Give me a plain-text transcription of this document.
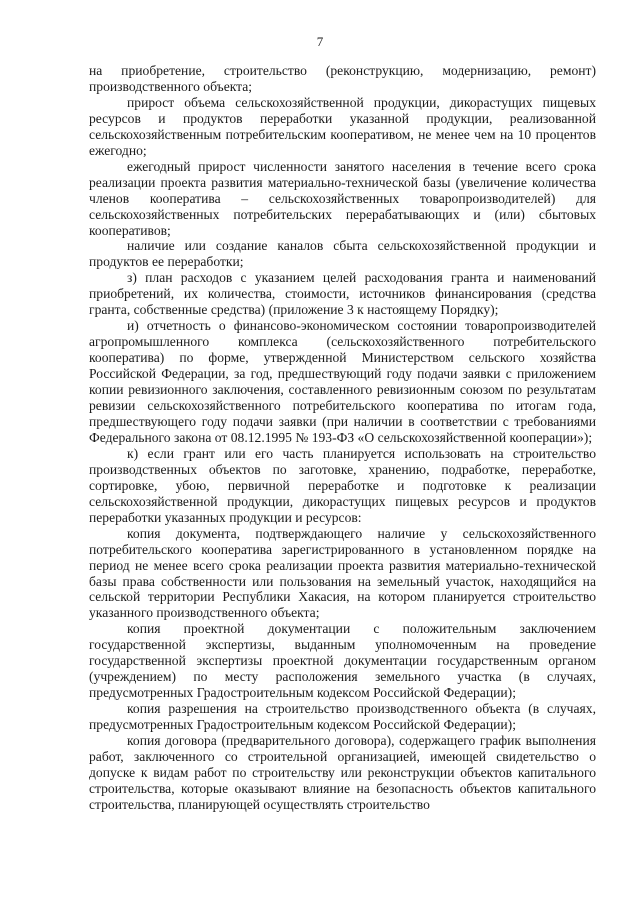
7

на приобретение, строительство (реконструкцию, модернизацию, ремонт) производственного объекта;

прирост объема сельскохозяйственной продукции, дикорастущих пищевых ресурсов и продуктов переработки указанной продукции, реализованной сельскохозяйственным потребительским кооперативом, не менее чем на 10 процентов ежегодно;

ежегодный прирост численности занятого населения в течение всего срока реализации проекта развития материально-технической базы (увеличение количества членов кооператива – сельскохозяйственных товаропроизводителей) для сельскохозяйственных потребительских перерабатывающих и (или) сбытовых кооперативов;

наличие или создание каналов сбыта сельскохозяйственной продукции и продуктов ее переработки;

з) план расходов с указанием целей расходования гранта и наименований приобретений, их количества, стоимости, источников финансирования (средства гранта, собственные средства) (приложение 3 к настоящему Порядку);

и) отчетность о финансово-экономическом состоянии товаропроизводителей агропромышленного комплекса (сельскохозяйственного потребительского кооператива) по форме, утвержденной Министерством сельского хозяйства Российской Федерации, за год, предшествующий году подачи заявки с приложением копии ревизионного заключения, составленного ревизионным союзом по результатам ревизии сельскохозяйственного потребительского кооператива по итогам года, предшествующего году подачи заявки (при наличии в соответствии с требованиями Федерального закона от 08.12.1995 № 193-ФЗ «О сельскохозяйственной кооперации»);

к) если грант или его часть планируется использовать на строительство производственных объектов по заготовке, хранению, подработке, переработке, сортировке, убою, первичной переработке и подготовке к реализации сельскохозяйственной продукции, дикорастущих пищевых ресурсов и продуктов переработки указанных продукции и ресурсов:

копия документа, подтверждающего наличие у сельскохозяйственного потребительского кооператива зарегистрированного в установленном порядке на период не менее всего срока реализации проекта развития материально-технической базы права собственности или пользования на земельный участок, находящийся на сельской территории Республики Хакасия, на котором планируется строительство указанного производственного объекта;

копия проектной документации с положительным заключением государственной экспертизы, выданным уполномоченным на проведение государственной экспертизы проектной документации государственным органом (учреждением) по месту расположения земельного участка (в случаях, предусмотренных Градостроительным кодексом Российской Федерации);

копия разрешения на строительство производственного объекта (в случаях, предусмотренных Градостроительным кодексом Российской Федерации);

копия договора (предварительного договора), содержащего график выполнения работ, заключенного со строительной организацией, имеющей свидетельство о допуске к видам работ по строительству или реконструкции объектов капитального строительства, которые оказывают влияние на безопасность объектов капитального строительства, планирующей осуществлять строительство
